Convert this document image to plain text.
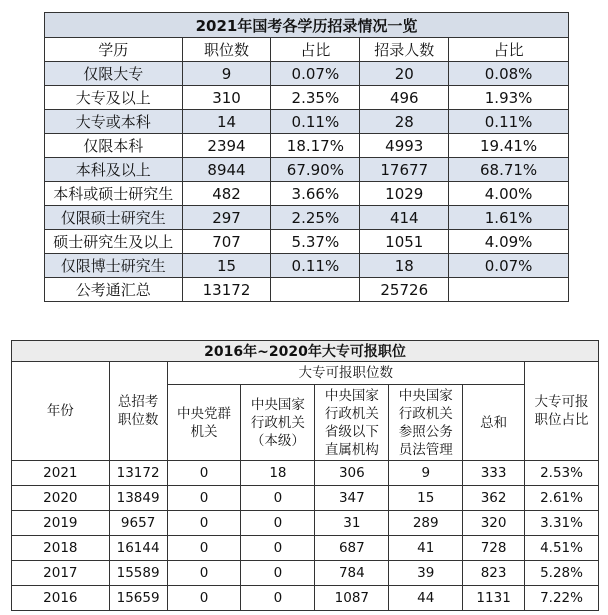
2021年国考各学历招录情况一览				
学历	职位数	占比	招录人数	占比
仅限大专	9	0.07%	20	0.08%
大专及以上	310	2.35%	496	1.93%
大专或本科	14	0.11%	28	0.11%
仅限本科	2394	18.17%	4993	19.41%
本科及以上	8944	67.90%	17677	68.71%
本科或硕士研究生	482	3.66%	1029	4.00%
仅限硕士研究生	297	2.25%	414	1.61%
硕士研究生及以上	707	5.37%	1051	4.09%
仅限博士研究生	15	0.11%	18	0.07%
公考通汇总	13172		25726	
2016年~2020年大专可报职位							
年份	总招考职位数	大专可报职位数					大专可报职位占比
		中央党群机关	中央国家行政机关（本级）	中央国家行政机关省级以下直属机构	中央国家行政机关参照公务员法管理	总和	
2021	13172	0	18	306	9	333	2.53%
2020	13849	0	0	347	15	362	2.61%
2019	9657	0	0	31	289	320	3.31%
2018	16144	0	0	687	41	728	4.51%
2017	15589	0	0	784	39	823	5.28%
2016	15659	0	0	1087	44	1131	7.22%
